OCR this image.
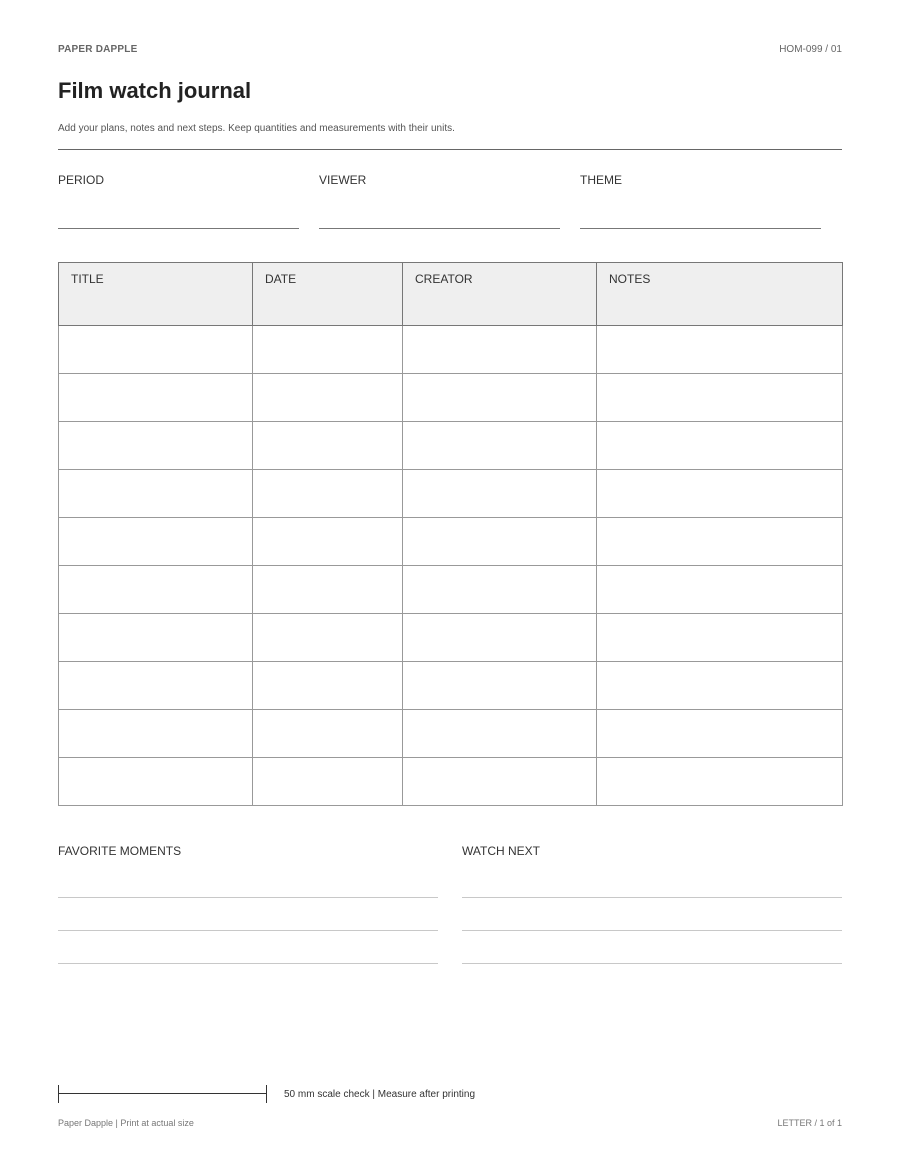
PAPER DAPPLE	HOM-099 / 01
Film watch journal

Add your plans, notes and next steps. Keep quantities and measurements with their units.

PERIOD	VIEWER	THEME
TITLE	DATE	CREATOR	NOTES

FAVORITE MOMENTS	WATCH NEXT
50 mm scale check | Measure after printing
Paper Dapple | Print at actual size	LETTER / 1 of 1
